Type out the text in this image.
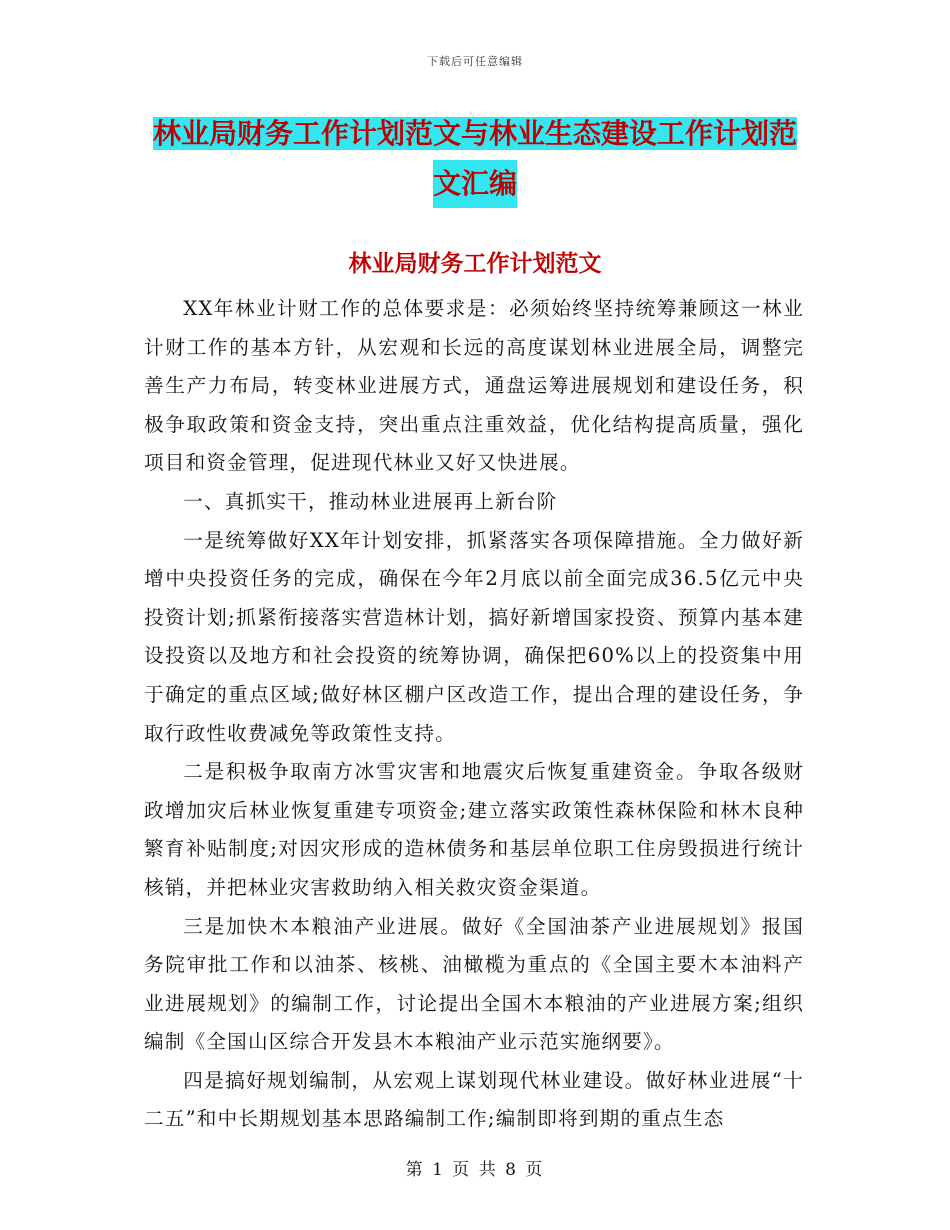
下载后可任意编辑
林业局财务工作计划范文与林业生态建设工作计划范
文汇编
林业局财务工作计划范文

XX年林业计财工作的总体要求是：必须始终坚持统筹兼顾这一林业计财工作的基本方针，从宏观和长远的高度谋划林业进展全局，调整完善生产力布局，转变林业进展方式，通盘运筹进展规划和建设任务，积极争取政策和资金支持，突出重点注重效益，优化结构提高质量，强化项目和资金管理，促进现代林业又好又快进展。

一、真抓实干，推动林业进展再上新台阶

一是统筹做好XX年计划安排，抓紧落实各项保障措施。全力做好新增中央投资任务的完成，确保在今年2月底以前全面完成36.5亿元中央投资计划;抓紧衔接落实营造林计划，搞好新增国家投资、预算内基本建设投资以及地方和社会投资的统筹协调，确保把60%以上的投资集中用于确定的重点区域;做好林区棚户区改造工作，提出合理的建设任务，争取行政性收费减免等政策性支持。

二是积极争取南方冰雪灾害和地震灾后恢复重建资金。争取各级财政增加灾后林业恢复重建专项资金;建立落实政策性森林保险和林木良种繁育补贴制度;对因灾形成的造林债务和基层单位职工住房毁损进行统计核销，并把林业灾害救助纳入相关救灾资金渠道。

三是加快木本粮油产业进展。做好《全国油茶产业进展规划》报国务院审批工作和以油茶、核桃、油橄榄为重点的《全国主要木本油料产业进展规划》的编制工作，讨论提出全国木本粮油的产业进展方案;组织编制《全国山区综合开发县木本粮油产业示范实施纲要》。

四是搞好规划编制，从宏观上谋划现代林业建设。做好林业进展“十二五”和中长期规划基本思路编制工作;编制即将到期的重点生态

第 1 页 共 8 页
